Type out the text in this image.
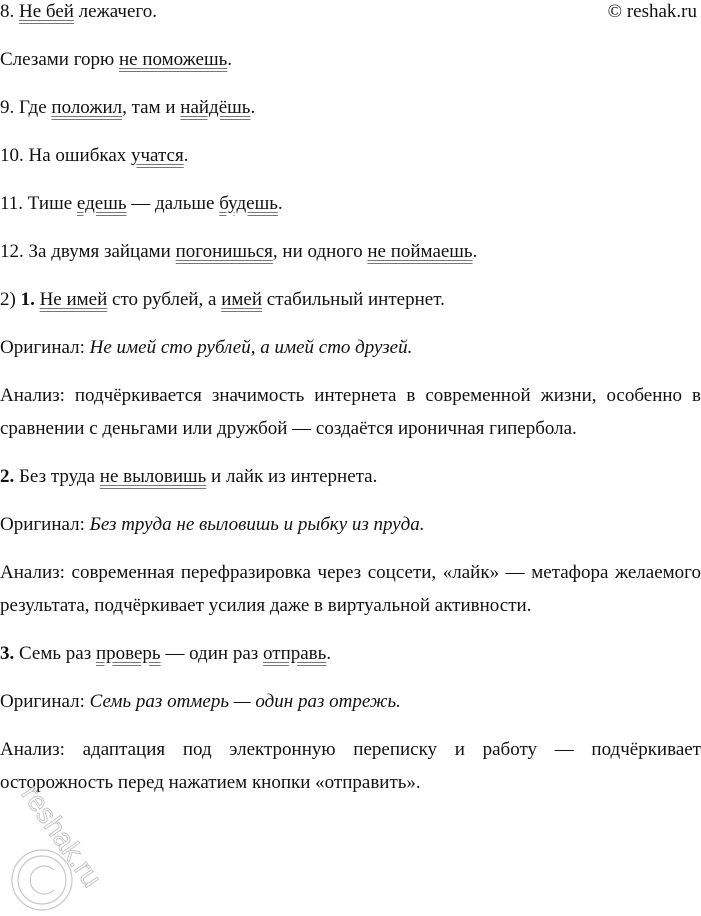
8. Не бей лежачего.

Слезами горю не поможешь.

9. Где положил, там и найдёшь.

10. На ошибках учатся.

11. Тише едешь — дальше будешь.

12. За двумя зайцами погонишься, ни одного не поймаешь.

2) 1. Не имей сто рублей, а имей стабильный интернет.

Оригинал: Не имей сто рублей, а имей сто друзей.

Анализ: подчёркивается значимость интернета в современной жизни, особенно в сравнении с деньгами или дружбой — создаётся ироничная гипербола.

2. Без труда не выловишь и лайк из интернета.

Оригинал: Без труда не выловишь и рыбку из пруда.

Анализ: современная перефразировка через соцсети, «лайк» — метафора желаемого результата, подчёркивает усилия даже в виртуальной активности.

3. Семь раз проверь — один раз отправь.

Оригинал: Семь раз отмерь — один раз отрежь.

Анализ: адаптация под электронную переписку и работу — подчёркивает осторожность перед нажатием кнопки «отправить».

© reshak.ru
reshak.ru
